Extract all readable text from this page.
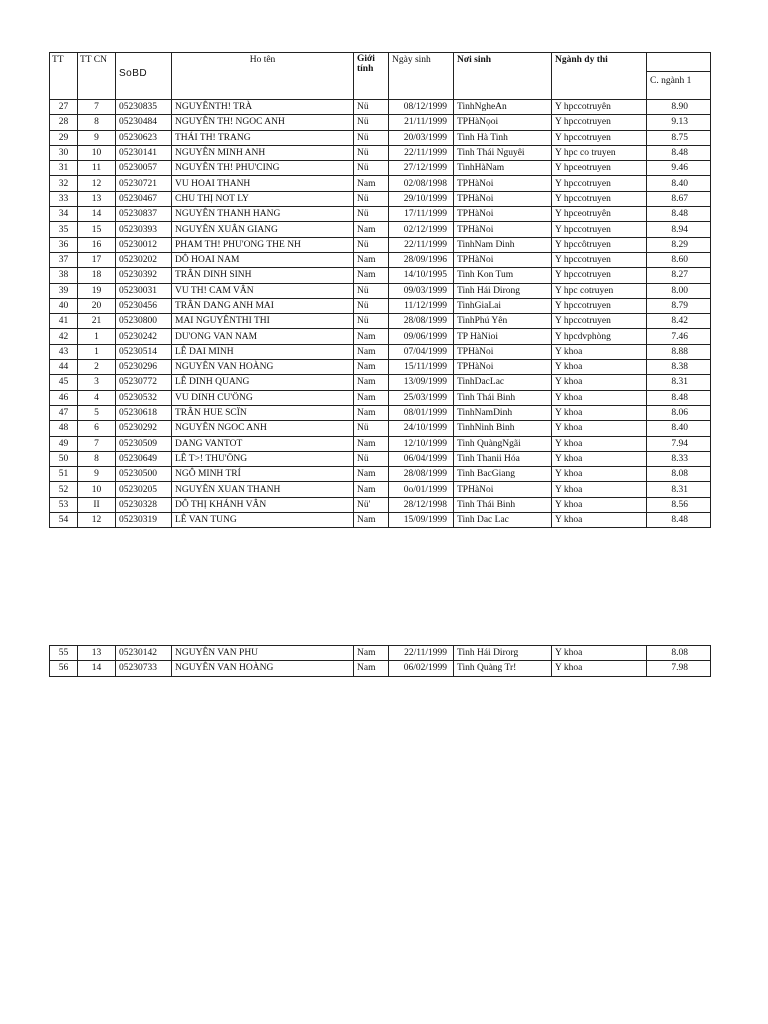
TT	TT CN	SoBD	Ho tên	Giới tính	Ngày sinh	Nơi sinh	Ngành dy thi	C. ngành 1

27	7	05230835	NGUYÊNTH! TRÀ	Nü	08/12/1999	TinhNgheAn	Y hpccotruyên	8.90
28	8	05230484	NGUYÊN TH! NGOC ANH	Nü	21/11/1999	TPHàNọoi	Y hpccotruyen	9.13
29	9	05230623	THÁI TH! TRANG	Nü	20/03/1999	Tinh Hà Tinh	Y hpccotruyen	8.75
30	10	05230141	NGUYÊN MINH ANH	Nü	22/11/1999	Tinh Thái Nguyêi	Y hpc co truyen	8.48
31	11	05230057	NGUYÊN TH! PHU'CING	Nü	27/12/1999	TinhHàNam	Y hpceotruyen	9.46
32	12	05230721	VU HOAI THANH	Nam	02/08/1998	TPHàNoi	Y hpccotruyen	8.40
33	13	05230467	CHU THỊ NOT LY	Nü	29/10/1999	TPHàNoi	Y hpccotruyen	8.67
34	14	05230837	NGUYÊN THANH HANG	Nü	17/11/1999	TPHàNoi	Y hpceotruyên	8.48
35	15	05230393	NGUYÊN XUÂN GIANG	Nam	02/12/1999	TPHàNoi	Y hpccotruyen	8.94
36	16	05230012	PHAM TH! PHU'ONG THE NH	Nü	22/11/1999	TinhNam Dinh	Y hpccôtruyen	8.29
37	17	05230202	DÔ HOAI NAM	Nam	28/09/1996	TPHàNoi	Y hpccotruyen	8.60
38	18	05230392	TRÂN DINH SINH	Nam	14/10/1995	Tinh Kon Tum	Y hpccotruyen	8.27
39	19	05230031	VU TH! CAM VÂN	Nü	09/03/1999	Tinh Hái Dirong	Y hpc cotruyen	8.00
40	20	05230456	TRÂN DANG ANH MAI	Nü	11/12/1999	TinhGiaLai	Y hpccotruyen	8.79
41	21	05230800	MAI NGUYÊNTHI THI	Nü	28/08/1999	TinhPhú Yên	Y hpccotruyen	8.42
42	1	05230242	DU'ONG VAN NAM	Nam	09/06/1999	TP HàNioi	Y hpcdvphòng	7.46
43	1	05230514	LÊ DAI MINH	Nam	07/04/1999	TPHàNoi	Y khoa	8.88
44	2	05230296	NGUYÊN VAN HOÀNG	Nam	15/11/1999	TPHàNoi	Y khoa	8.38
45	3	05230772	LÊ DINH QUANG	Nam	13/09/1999	TinhDacLac	Y khoa	8.31
46	4	05230532	VU DINH CU'ÖNG	Nam	25/03/1999	Tinh Thái Binh	Y khoa	8.48
47	5	05230618	TRÂN HUE SCÏN	Nam	08/01/1999	TinhNamDinh	Y khoa	8.06
48	6	05230292	NGUYÊN NGOC ANH	Nü	24/10/1999	TinhNinh Binh	Y khoa	8.40
49	7	05230509	DANG VANTOT	Nam	12/10/1999	Tinh QuàngNgãi	Y khoa	7.94
50	8	05230649	LÊ T>! THU'ÖNG	Nü	06/04/1999	Tinh Thanii Hóa	Y khoa	8.33
51	9	05230500	NGÔ MINH TRÍ	Nam	28/08/1999	Tinh BacGiang	Y khoa	8.08
52	10	05230205	NGUYÊN XUAN THANH	Nam	0o/01/1999	TPHàNoi	Y khoa	8.31
53	II	05230328	DÔ THỊ KHÁNH VÂN	Nü'	28/12/1998	Tinh Thái Binh	Y khoa	8.56
54	12	05230319	LÊ VAN TUNG	Nam	15/09/1999	Tinh Dac Lac	Y khoa	8.48
55	13	05230142	NGUYÊN VAN PHU	Nam	22/11/1999	Tinh Hái Dirorg	Y khoa	8.08
56	14	05230733	NGUYÊN VAN HOÀNG	Nam	06/02/1999	Tinh Quàng Tr!	Y khoa	7.98
